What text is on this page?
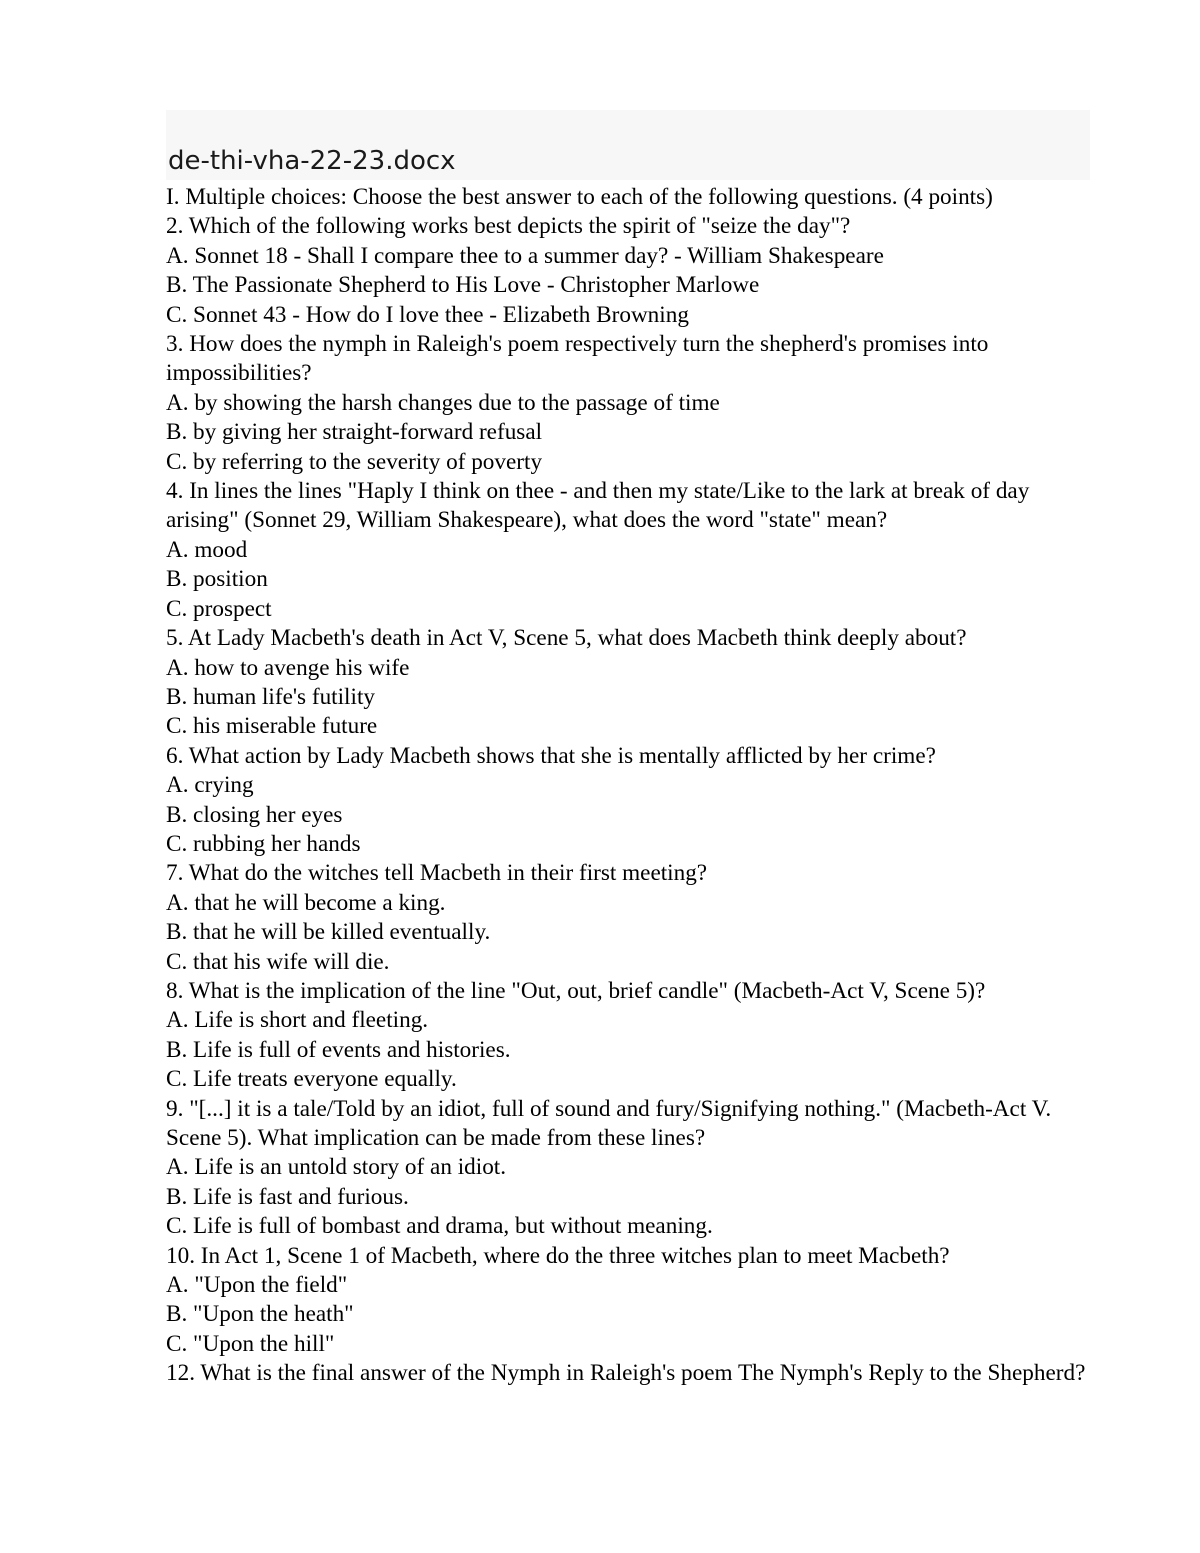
de-thi-vha-22-23.docx

I. Multiple choices: Choose the best answer to each of the following questions. (4 points)

2. Which of the following works best depicts the spirit of "seize the day"?

A. Sonnet 18 - Shall I compare thee to a summer day? - William Shakespeare

B. The Passionate Shepherd to His Love - Christopher Marlowe

C. Sonnet 43 - How do I love thee - Elizabeth Browning

3. How does the nymph in Raleigh's poem respectively turn the shepherd's promises into impossibilities?

A. by showing the harsh changes due to the passage of time

B. by giving her straight-forward refusal

C. by referring to the severity of poverty

4. In lines the lines "Haply I think on thee - and then my state/Like to the lark at break of day arising" (Sonnet 29, William Shakespeare), what does the word "state" mean?

A. mood

B. position

C. prospect

5. At Lady Macbeth's death in Act V, Scene 5, what does Macbeth think deeply about?

A. how to avenge his wife

B. human life's futility

C. his miserable future

6. What action by Lady Macbeth shows that she is mentally afflicted by her crime?

A. crying

B. closing her eyes

C. rubbing her hands

7. What do the witches tell Macbeth in their first meeting?

A. that he will become a king.

B. that he will be killed eventually.

C. that his wife will die.

8. What is the implication of the line "Out, out, brief candle" (Macbeth-Act V, Scene 5)?

A. Life is short and fleeting.

B. Life is full of events and histories.

C. Life treats everyone equally.

9. "[...] it is a tale/Told by an idiot, full of sound and fury/Signifying nothing." (Macbeth-Act V. Scene 5). What implication can be made from these lines?

A. Life is an untold story of an idiot.

B. Life is fast and furious.

C. Life is full of bombast and drama, but without meaning.

10. In Act 1, Scene 1 of Macbeth, where do the three witches plan to meet Macbeth?

A. "Upon the field"

B. "Upon the heath"

C. "Upon the hill"

12. What is the final answer of the Nymph in Raleigh's poem The Nymph's Reply to the Shepherd?
